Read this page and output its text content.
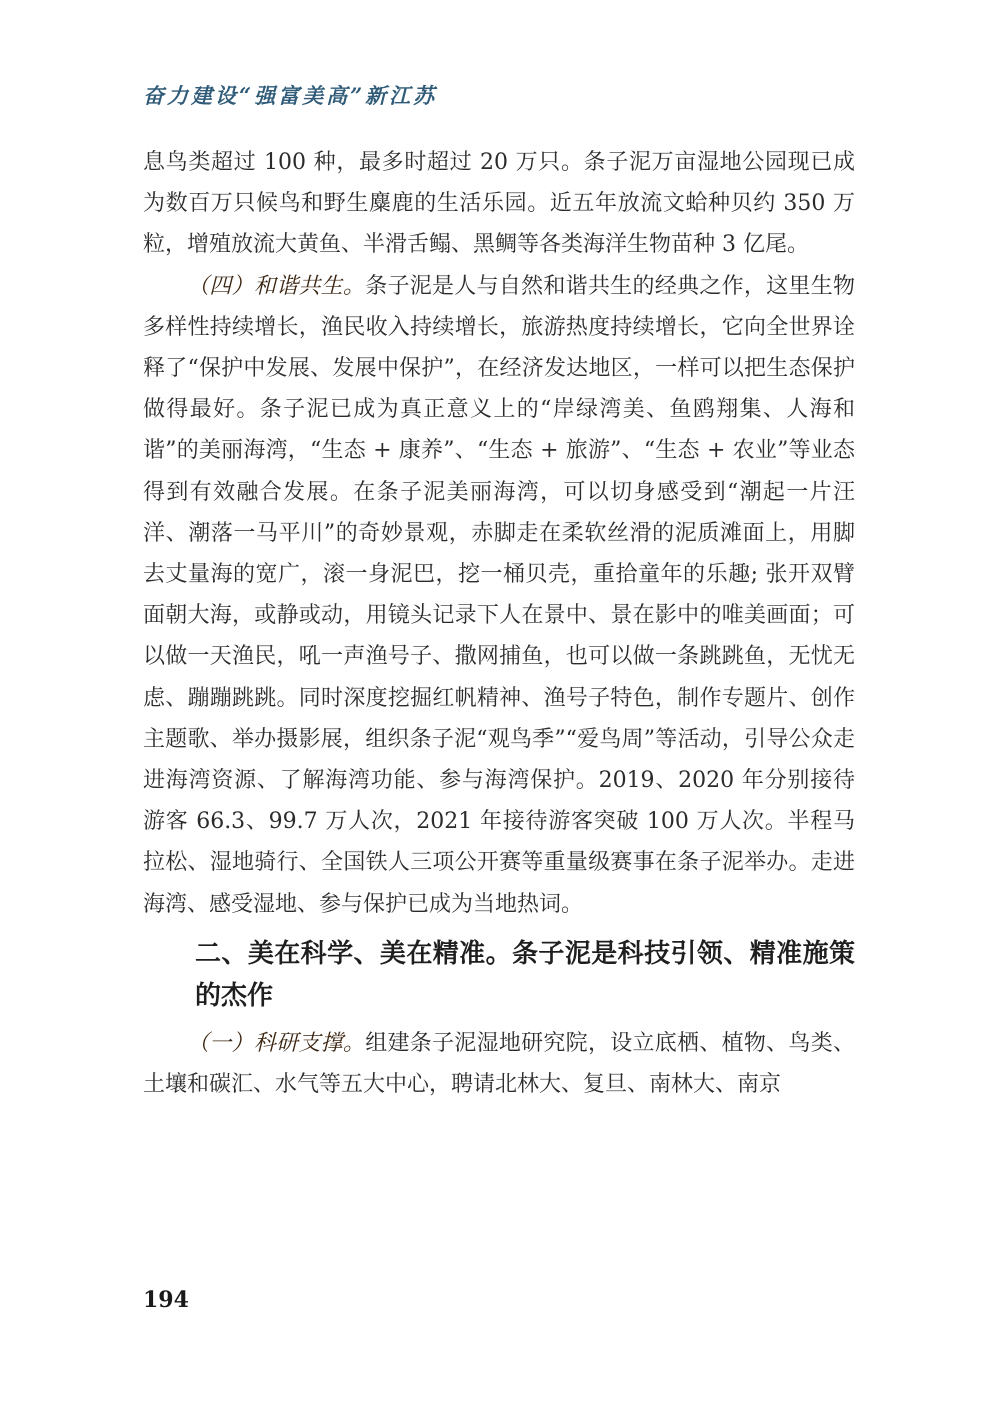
奋力建设“强富美高”新江苏

息鸟类超过 100 种，最多时超过 20 万只。条子泥万亩湿地公园现已成为数百万只候鸟和野生麋鹿的生活乐园。近五年放流文蛤种贝约 350 万粒，增殖放流大黄鱼、半滑舌鳎、黑鲷等各类海洋生物苗种 3 亿尾。

（四）和谐共生。条子泥是人与自然和谐共生的经典之作，这里生物多样性持续增长，渔民收入持续增长，旅游热度持续增长，它向全世界诠释了“保护中发展、发展中保护”，在经济发达地区，一样可以把生态保护做得最好。条子泥已成为真正意义上的“岸绿湾美、鱼鸥翔集、人海和谐”的美丽海湾，“生态 + 康养”、“生态 + 旅游”、“生态 + 农业”等业态得到有效融合发展。在条子泥美丽海湾，可以切身感受到“潮起一片汪洋、潮落一马平川”的奇妙景观，赤脚走在柔软丝滑的泥质滩面上，用脚去丈量海的宽广，滚一身泥巴，挖一桶贝壳，重拾童年的乐趣; 张开双臂面朝大海，或静或动，用镜头记录下人在景中、景在影中的唯美画面；可以做一天渔民，吼一声渔号子、撒网捕鱼，也可以做一条跳跳鱼，无忧无虑、蹦蹦跳跳。同时深度挖掘红帆精神、渔号子特色，制作专题片、创作主题歌、举办摄影展，组织条子泥“观鸟季”“爱鸟周”等活动，引导公众走进海湾资源、了解海湾功能、参与海湾保护。2019、2020 年分别接待游客 66.3、99.7 万人次，2021 年接待游客突破 100 万人次。半程马拉松、湿地骑行、全国铁人三项公开赛等重量级赛事在条子泥举办。走进海湾、感受湿地、参与保护已成为当地热词。

二、美在科学、美在精准。条子泥是科技引领、精准施策的杰作

（一）科研支撑。组建条子泥湿地研究院，设立底栖、植物、鸟类、土壤和碳汇、水气等五大中心，聘请北林大、复旦、南林大、南京

194
